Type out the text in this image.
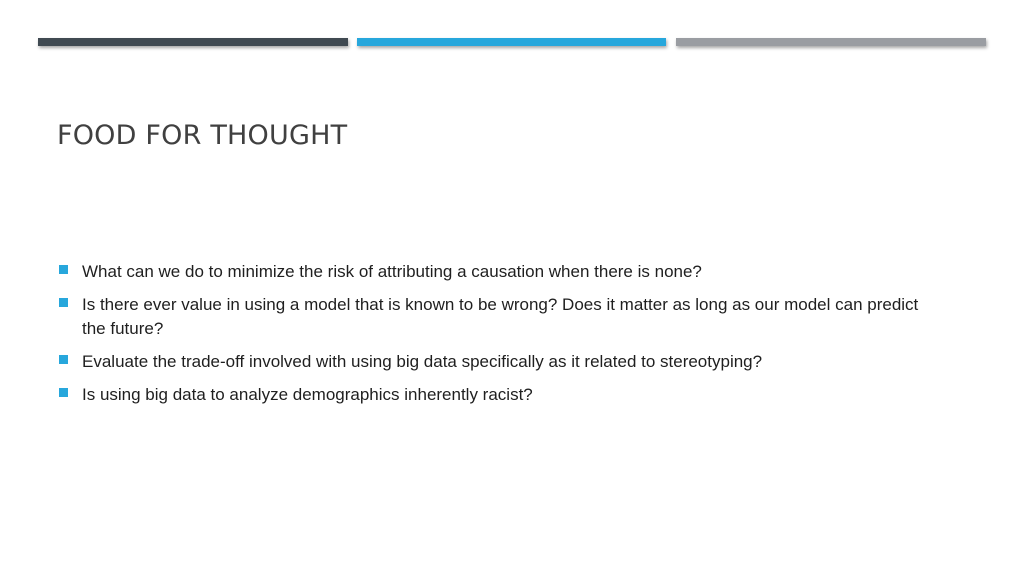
FOOD FOR THOUGHT
What can we do to minimize the risk of attributing a causation when there is none?
Is there ever value in using a model that is known to be wrong? Does it matter as long as our model can predict the future?
Evaluate the trade-off involved with using big data specifically as it related to stereotyping?
Is using big data to analyze demographics inherently racist?
